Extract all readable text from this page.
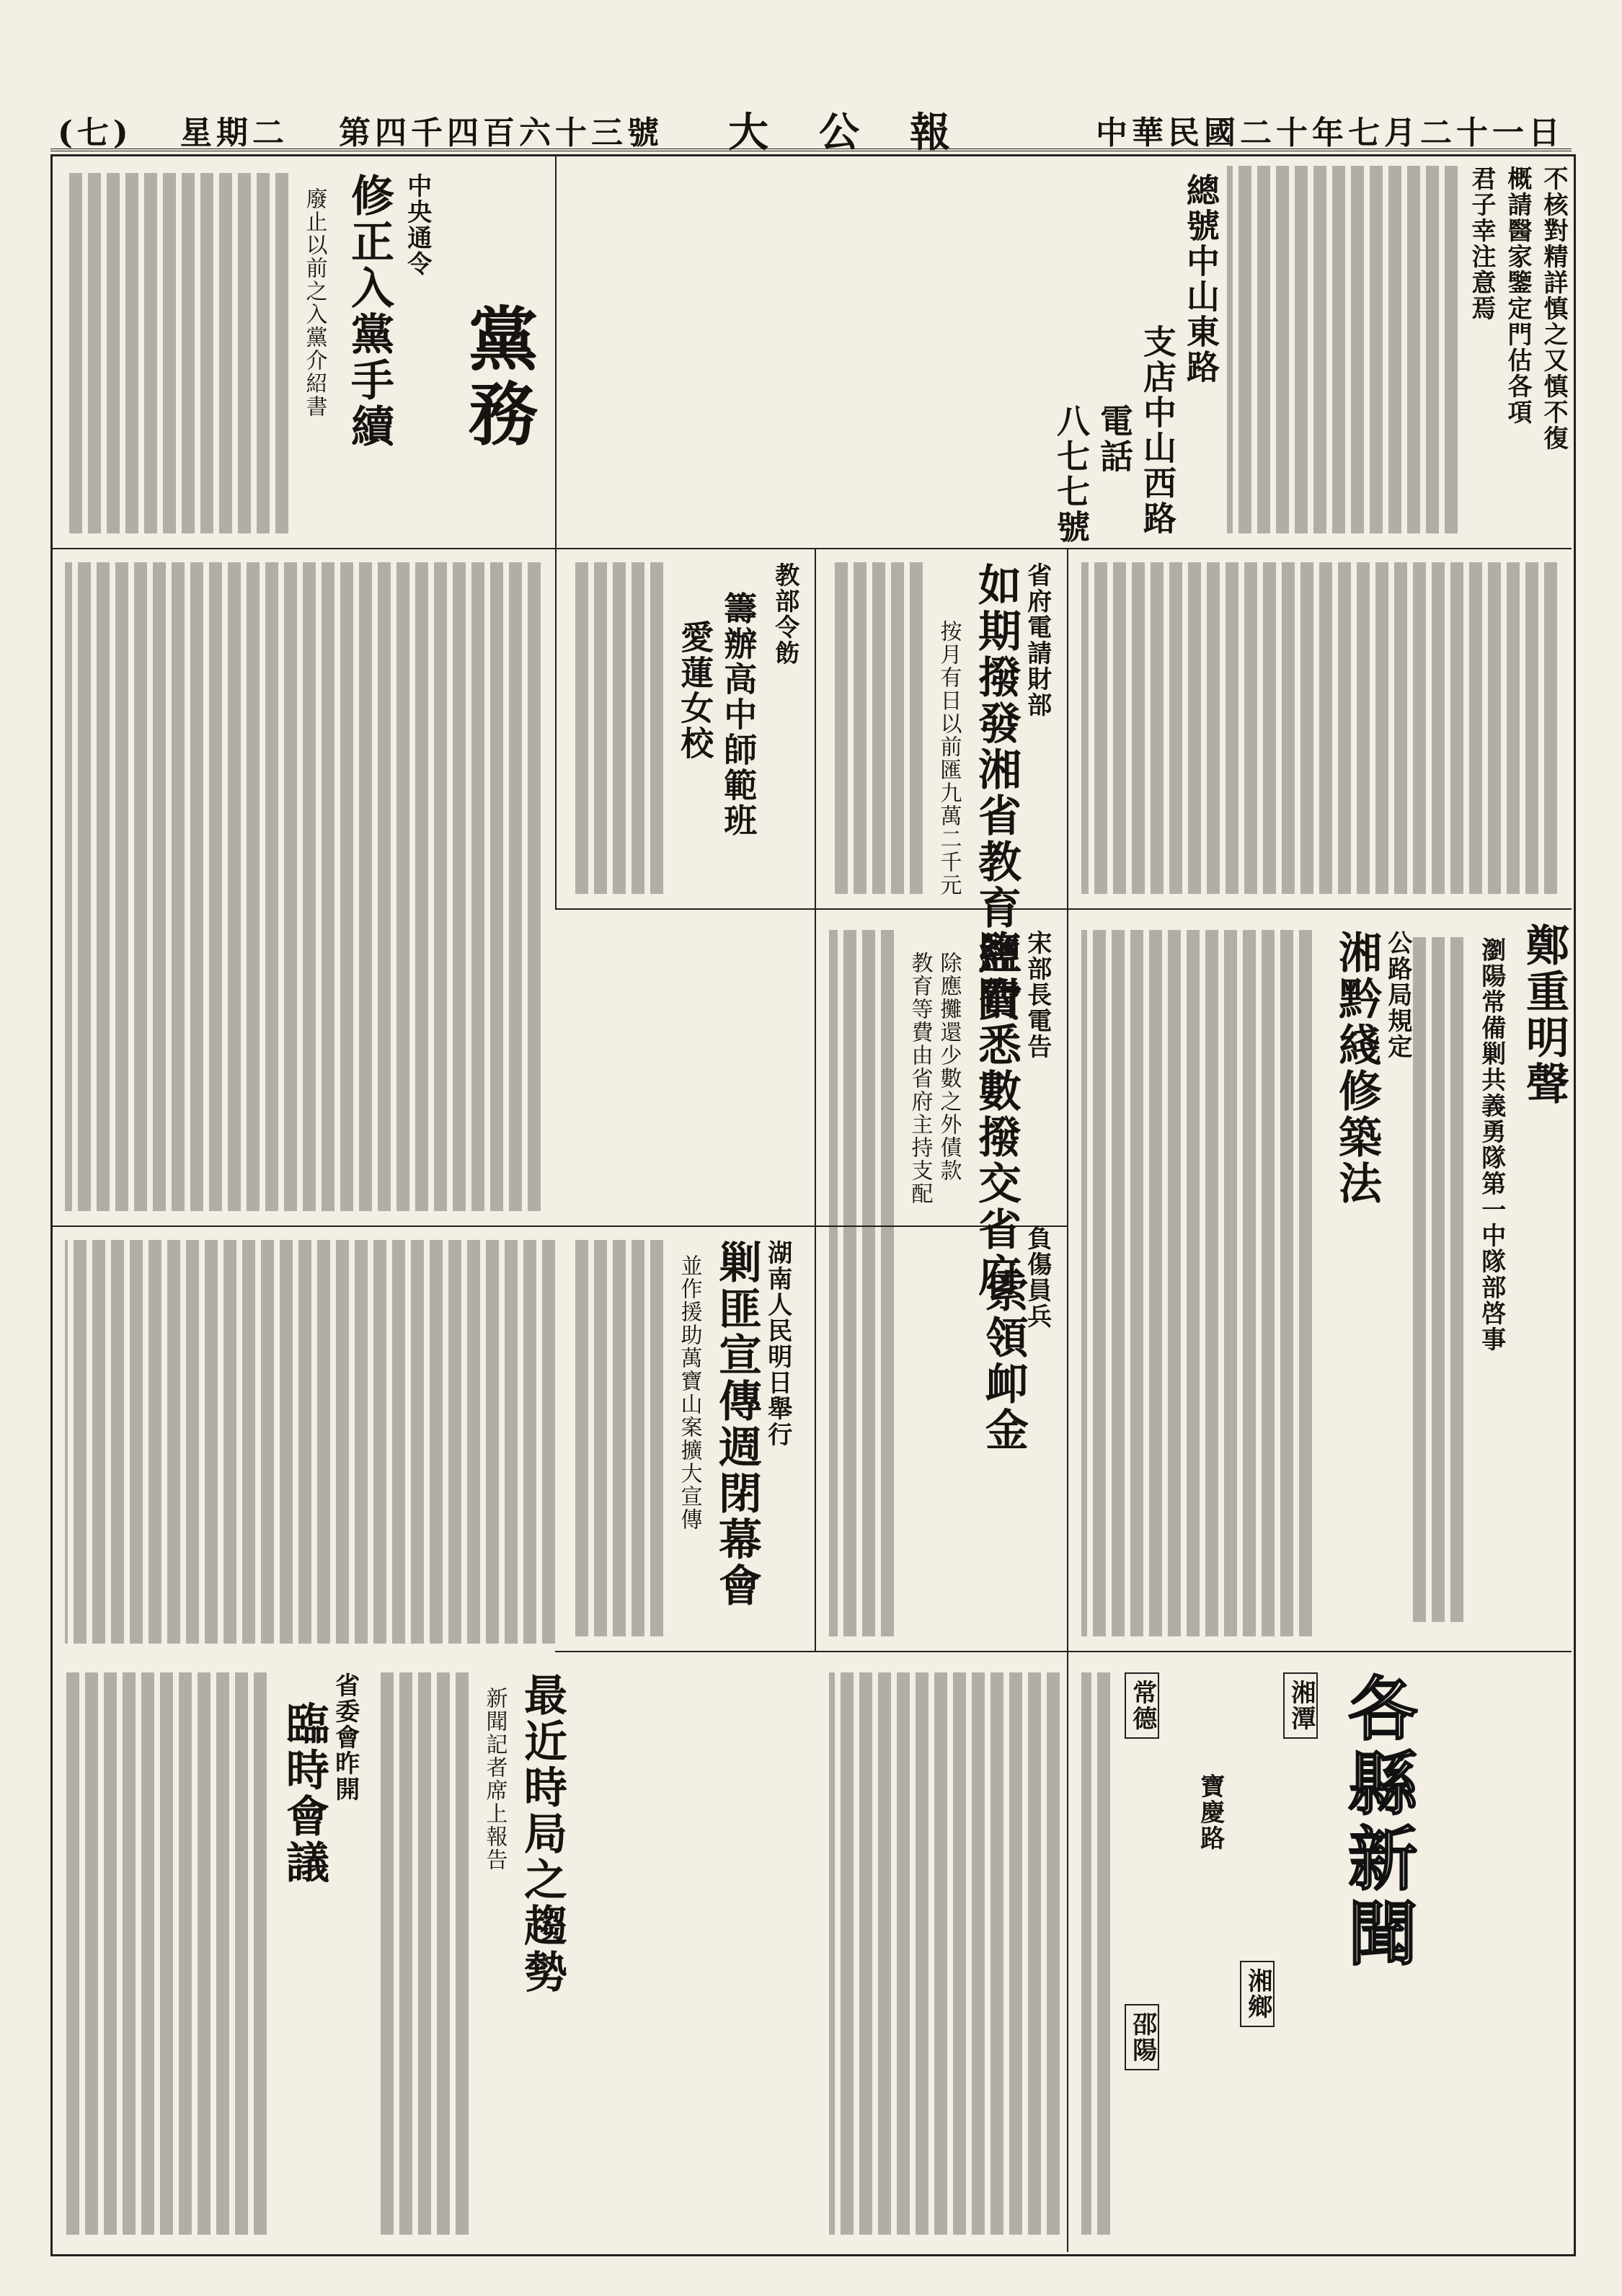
中華民國二十年七月二十一日
大公報
第四千四百六十三號
星期二
(七)
不核對精詳慎之又慎不復
概請醫家鑒定門估各項
君子幸注意焉
總號中山東路
支店中山西路
電話
八七七號
黨務
中央通令
修正入黨手續
廢止以前之入黨介紹書
省府電請財部
如期撥發湘省教育經費
按月有日以前匯九萬二千元
教部令飭
籌辦高中師範班
愛蓮女校
宋部長電告
鹽附悉數撥交省府
除應攤還少數之外債款
教育等費由省府主持支配
負傷員兵
索領卹金
公路局規定
湘黔綫修築法	鄭重明聲
瀏陽常備剿共義勇隊第一中隊部啓事
各縣新聞
湘潭
湘鄉
常德
邵陽
寶慶路
湖南人民明日舉行
剿匪宣傳週閉幕會
並作援助萬寶山案擴大宣傳
最近時局之趨勢
新聞記者席上報告
省委會昨開
臨時會議
